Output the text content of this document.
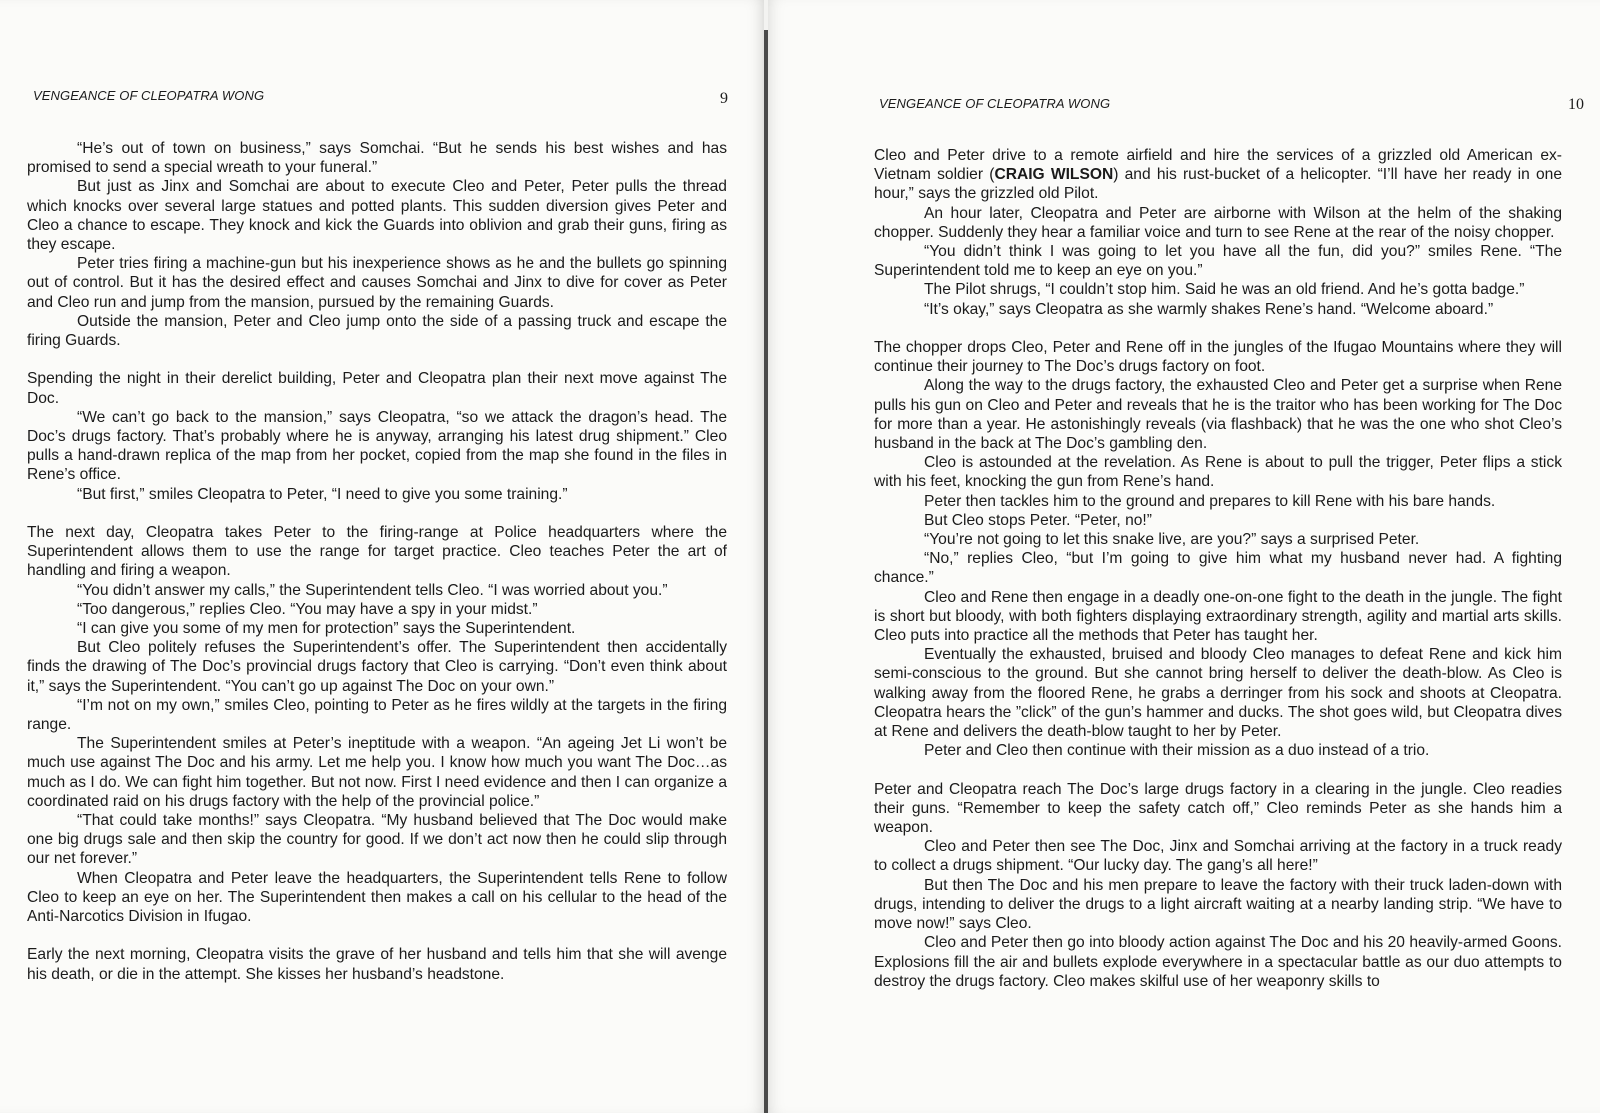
VENGEANCE OF CLEOPATRA WONG	9

“He’s out of town on business,” says Somchai. “But he sends his best wishes and has promised to send a special wreath to your funeral.”

But just as Jinx and Somchai are about to execute Cleo and Peter, Peter pulls the thread which knocks over several large statues and potted plants. This sudden diversion gives Peter and Cleo a chance to escape. They knock and kick the Guards into oblivion and grab their guns, firing as they escape.

Peter tries firing a machine-gun but his inexperience shows as he and the bullets go spinning out of control. But it has the desired effect and causes Somchai and Jinx to dive for cover as Peter and Cleo run and jump from the mansion, pursued by the remaining Guards.

Outside the mansion, Peter and Cleo jump onto the side of a passing truck and escape the firing Guards.

Spending the night in their derelict building, Peter and Cleopatra plan their next move against The Doc.

“We can’t go back to the mansion,” says Cleopatra, “so we attack the dragon’s head. The Doc’s drugs factory. That’s probably where he is anyway, arranging his latest drug shipment.” Cleo pulls a hand-drawn replica of the map from her pocket, copied from the map she found in the files in Rene’s office.

“But first,” smiles Cleopatra to Peter, “I need to give you some training.”

The next day, Cleopatra takes Peter to the firing-range at Police headquarters where the Superintendent allows them to use the range for target practice. Cleo teaches Peter the art of handling and firing a weapon.

“You didn’t answer my calls,” the Superintendent tells Cleo. “I was worried about you.”

“Too dangerous,” replies Cleo. “You may have a spy in your midst.”

“I can give you some of my men for protection” says the Superintendent.

But Cleo politely refuses the Superintendent’s offer. The Superintendent then accidentally finds the drawing of The Doc’s provincial drugs factory that Cleo is carrying. “Don’t even think about it,” says the Superintendent. “You can’t go up against The Doc on your own.”

“I’m not on my own,” smiles Cleo, pointing to Peter as he fires wildly at the targets in the firing range.

The Superintendent smiles at Peter’s ineptitude with a weapon. “An ageing Jet Li won’t be much use against The Doc and his army. Let me help you. I know how much you want The Doc…as much as I do. We can fight him together. But not now. First I need evidence and then I can organize a coordinated raid on his drugs factory with the help of the provincial police.”

“That could take months!” says Cleopatra. “My husband believed that The Doc would make one big drugs sale and then skip the country for good. If we don’t act now then he could slip through our net forever.”

When Cleopatra and Peter leave the headquarters, the Superintendent tells Rene to follow Cleo to keep an eye on her. The Superintendent then makes a call on his cellular to the head of the Anti-Narcotics Division in Ifugao.

Early the next morning, Cleopatra visits the grave of her husband and tells him that she will avenge his death, or die in the attempt. She kisses her husband’s headstone.

VENGEANCE OF CLEOPATRA WONG	10

Cleo and Peter drive to a remote airfield and hire the services of a grizzled old American ex-Vietnam soldier (CRAIG WILSON) and his rust-bucket of a helicopter. “I’ll have her ready in one hour,” says the grizzled old Pilot.

An hour later, Cleopatra and Peter are airborne with Wilson at the helm of the shaking chopper. Suddenly they hear a familiar voice and turn to see Rene at the rear of the noisy chopper.

“You didn’t think I was going to let you have all the fun, did you?” smiles Rene. “The Superintendent told me to keep an eye on you.”

The Pilot shrugs, “I couldn’t stop him. Said he was an old friend. And he’s gotta badge.”

“It’s okay,” says Cleopatra as she warmly shakes Rene’s hand. “Welcome aboard.”

The chopper drops Cleo, Peter and Rene off in the jungles of the Ifugao Mountains where they will continue their journey to The Doc’s drugs factory on foot.

Along the way to the drugs factory, the exhausted Cleo and Peter get a surprise when Rene pulls his gun on Cleo and Peter and reveals that he is the traitor who has been working for The Doc for more than a year. He astonishingly reveals (via flashback) that he was the one who shot Cleo’s husband in the back at The Doc’s gambling den.

Cleo is astounded at the revelation. As Rene is about to pull the trigger, Peter flips a stick with his feet, knocking the gun from Rene’s hand.

Peter then tackles him to the ground and prepares to kill Rene with his bare hands.

But Cleo stops Peter. “Peter, no!”

“You’re not going to let this snake live, are you?” says a surprised Peter.

“No,” replies Cleo, “but I’m going to give him what my husband never had. A fighting chance.”

Cleo and Rene then engage in a deadly one-on-one fight to the death in the jungle. The fight is short but bloody, with both fighters displaying extraordinary strength, agility and martial arts skills. Cleo puts into practice all the methods that Peter has taught her.

Eventually the exhausted, bruised and bloody Cleo manages to defeat Rene and kick him semi-conscious to the ground. But she cannot bring herself to deliver the death-blow. As Cleo is walking away from the floored Rene, he grabs a derringer from his sock and shoots at Cleopatra. Cleopatra hears the ”click” of the gun’s hammer and ducks. The shot goes wild, but Cleopatra dives at Rene and delivers the death-blow taught to her by Peter.

Peter and Cleo then continue with their mission as a duo instead of a trio.

Peter and Cleopatra reach The Doc’s large drugs factory in a clearing in the jungle. Cleo readies their guns. “Remember to keep the safety catch off,” Cleo reminds Peter as she hands him a weapon.

Cleo and Peter then see The Doc, Jinx and Somchai arriving at the factory in a truck ready to collect a drugs shipment. “Our lucky day. The gang’s all here!”

But then The Doc and his men prepare to leave the factory with their truck laden-down with drugs, intending to deliver the drugs to a light aircraft waiting at a nearby landing strip. “We have to move now!” says Cleo.

Cleo and Peter then go into bloody action against The Doc and his 20 heavily-armed Goons. Explosions fill the air and bullets explode everywhere in a spectacular battle as our duo attempts to destroy the drugs factory. Cleo makes skilful use of her weaponry skills to
